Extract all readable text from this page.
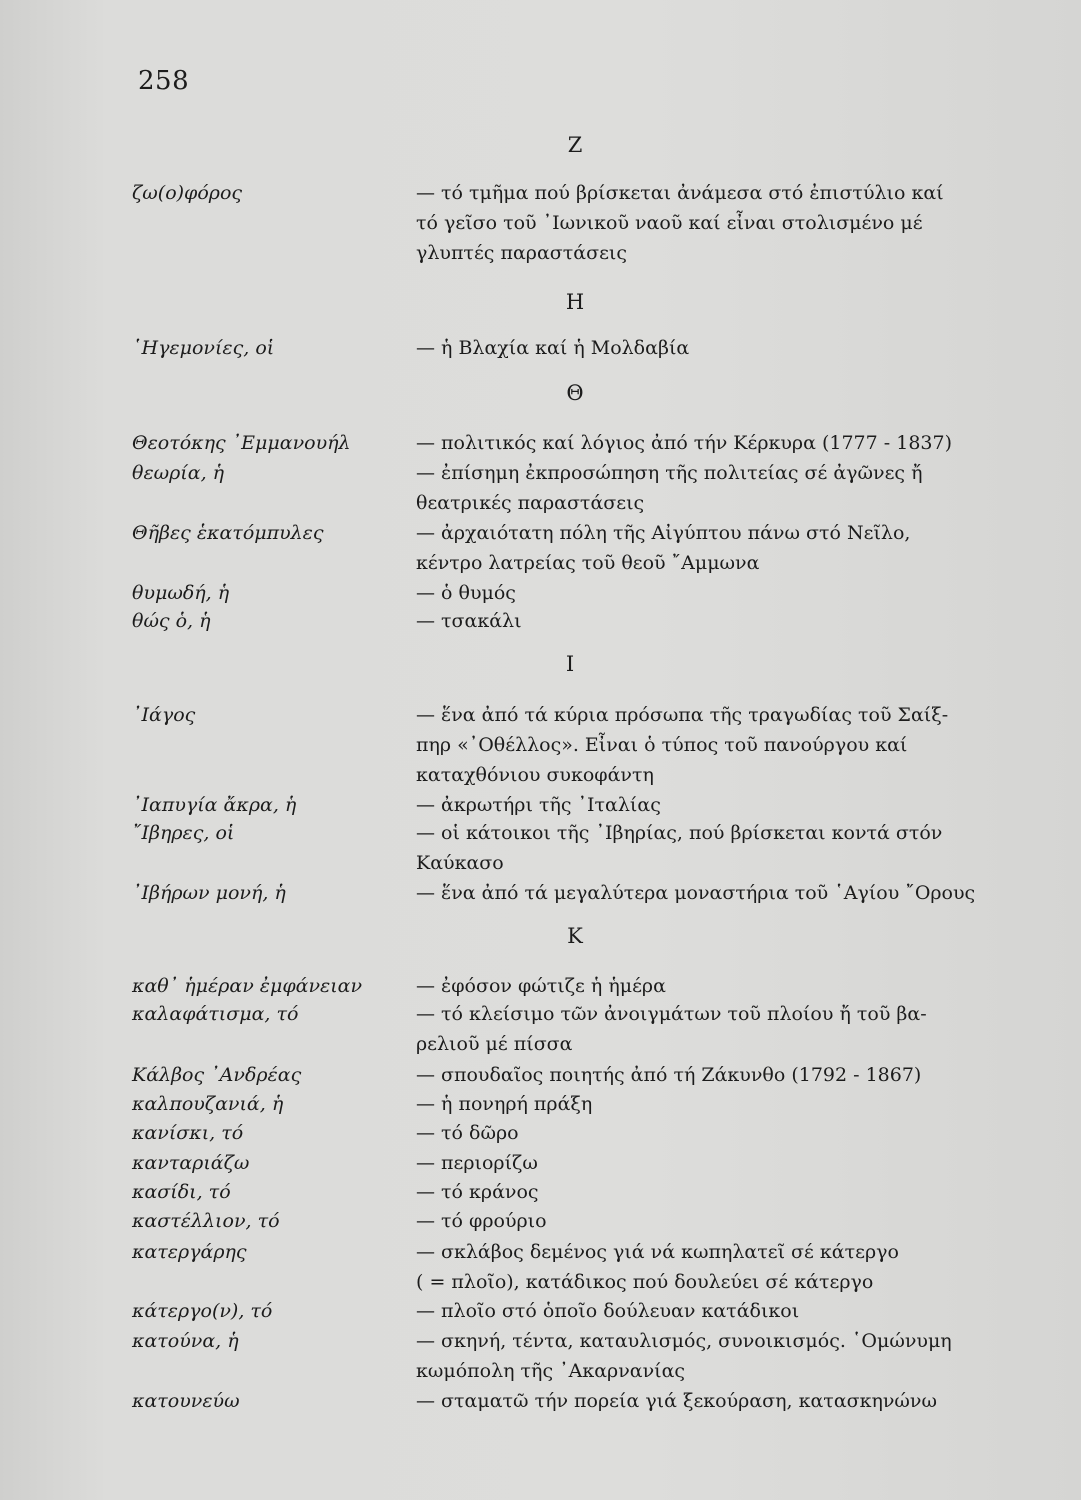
258
Z
ζω(ο)φόρος	— τό τμῆμα πού βρίσκεται ἀνάμεσα στό ἐπιστύλιο καί
τό γεῖσο τοῦ ᾿Ιωνικοῦ ναοῦ καί εἶναι στολισμένο μέ
γλυπτές παραστάσεις
Η
῾Ηγεμονίες, οἱ	— ἡ Βλαχία καί ἡ Μολδαβία
Θ
Θεοτόκης ᾿Εμμανουήλ	— πολιτικός καί λόγιος ἀπό τήν Κέρκυρα (1777 - 1837)
θεωρία, ἡ	— ἐπίσημη ἐκπροσώπηση τῆς πολιτείας σέ ἀγῶνες ἤ
θεατρικές παραστάσεις
Θῆβες ἑκατόμπυλες	— ἀρχαιότατη πόλη τῆς Αἰγύπτου πάνω στό Νεῖλο,
κέντρο λατρείας τοῦ θεοῦ ῎Αμμωνα
θυμωδή, ἡ	— ὁ θυμός
θώς ὁ, ἡ	— τσακάλι
Ι
᾿Ιάγος	— ἕνα ἀπό τά κύρια πρόσωπα τῆς τραγωδίας τοῦ Σαίξ-
πηρ «᾿Οθέλλος». Εἶναι ὁ τύπος τοῦ πανούργου καί
καταχθόνιου συκοφάντη
᾿Ιαπυγία ἄκρα, ἡ	— ἀκρωτήρι τῆς ᾿Ιταλίας
῎Ιβηρες, οἱ	— οἱ κάτοικοι τῆς ᾿Ιβηρίας, πού βρίσκεται κοντά στόν
Καύκασο
᾿Ιβήρων μονή, ἡ	— ἕνα ἀπό τά μεγαλύτερα μοναστήρια τοῦ ῾Αγίου ῎Ορους
Κ
καθ᾿ ἡμέραν ἐμφάνειαν	— ἐφόσον φώτιζε ἡ ἡμέρα
καλαφάτισμα, τό	— τό κλείσιμο τῶν ἀνοιγμάτων τοῦ πλοίου ἤ τοῦ βα-
ρελιοῦ μέ πίσσα
Κάλβος ᾿Ανδρέας	— σπουδαῖος ποιητής ἀπό τή Ζάκυνθο (1792 - 1867)
καλπουζανιά, ἡ	— ἡ πονηρή πράξη
κανίσκι, τό	— τό δῶρο
κανταριάζω	— περιορίζω
κασίδι, τό	— τό κράνος
καστέλλιον, τό	— τό φρούριο
κατεργάρης	— σκλάβος δεμένος γιά νά κωπηλατεῖ σέ κάτεργο
( = πλοῖο), κατάδικος πού δουλεύει σέ κάτεργο
κάτεργο(ν), τό	— πλοῖο στό ὁποῖο δούλευαν κατάδικοι
κατούνα, ἡ	— σκηνή, τέντα, καταυλισμός, συνοικισμός. ῾Ομώνυμη
κωμόπολη τῆς ᾿Ακαρνανίας
κατουνεύω	— σταματῶ τήν πορεία γιά ξεκούραση, κατασκηνώνω
